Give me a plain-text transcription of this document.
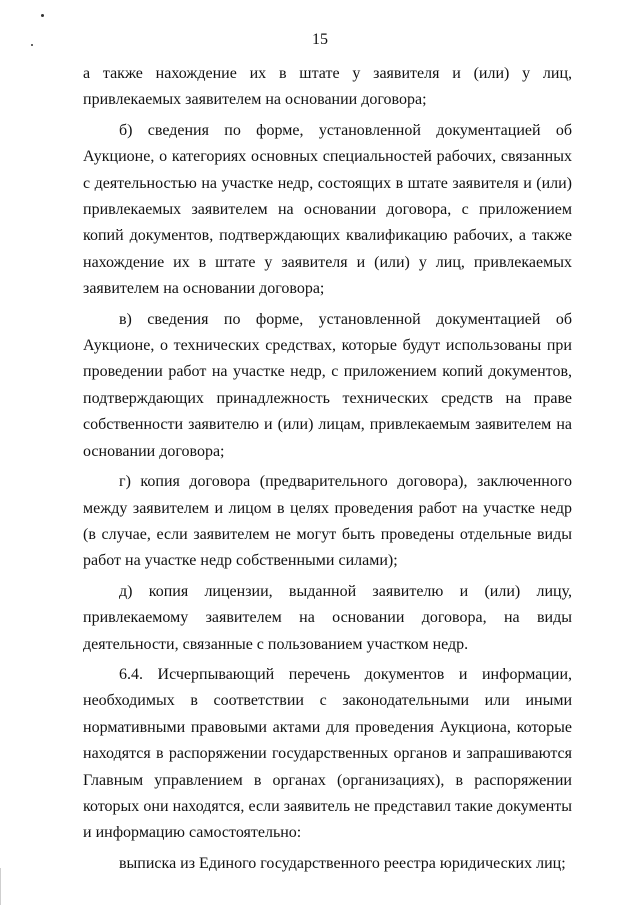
15

а также нахождение их в штате у заявителя и (или) у лиц, привлекаемых заявителем на основании договора;

б) сведения по форме, установленной документацией об Аукционе, о категориях основных специальностей рабочих, связанных с деятельностью на участке недр, состоящих в штате заявителя и (или) привлекаемых заявителем на основании договора, с приложением копий документов, подтверждающих квалификацию рабочих, а также нахождение их в штате у заявителя и (или) у лиц, привлекаемых заявителем на основании договора;

в) сведения по форме, установленной документацией об Аукционе, о технических средствах, которые будут использованы при проведении работ на участке недр, с приложением копий документов, подтверждающих принадлежность технических средств на праве собственности заявителю и (или) лицам, привлекаемым заявителем на основании договора;

г) копия договора (предварительного договора), заключенного между заявителем и лицом в целях проведения работ на участке недр (в случае, если заявителем не могут быть проведены отдельные виды работ на участке недр собственными силами);

д) копия лицензии, выданной заявителю и (или) лицу, привлекаемому заявителем на основании договора, на виды деятельности, связанные с пользованием участком недр.

6.4. Исчерпывающий перечень документов и информации, необходимых в соответствии с законодательными или иными нормативными правовыми актами для проведения Аукциона, которые находятся в распоряжении государственных органов и запрашиваются Главным управлением в органах (организациях), в распоряжении которых они находятся, если заявитель не представил такие документы и информацию самостоятельно:

выписка из Единого государственного реестра юридических лиц;
